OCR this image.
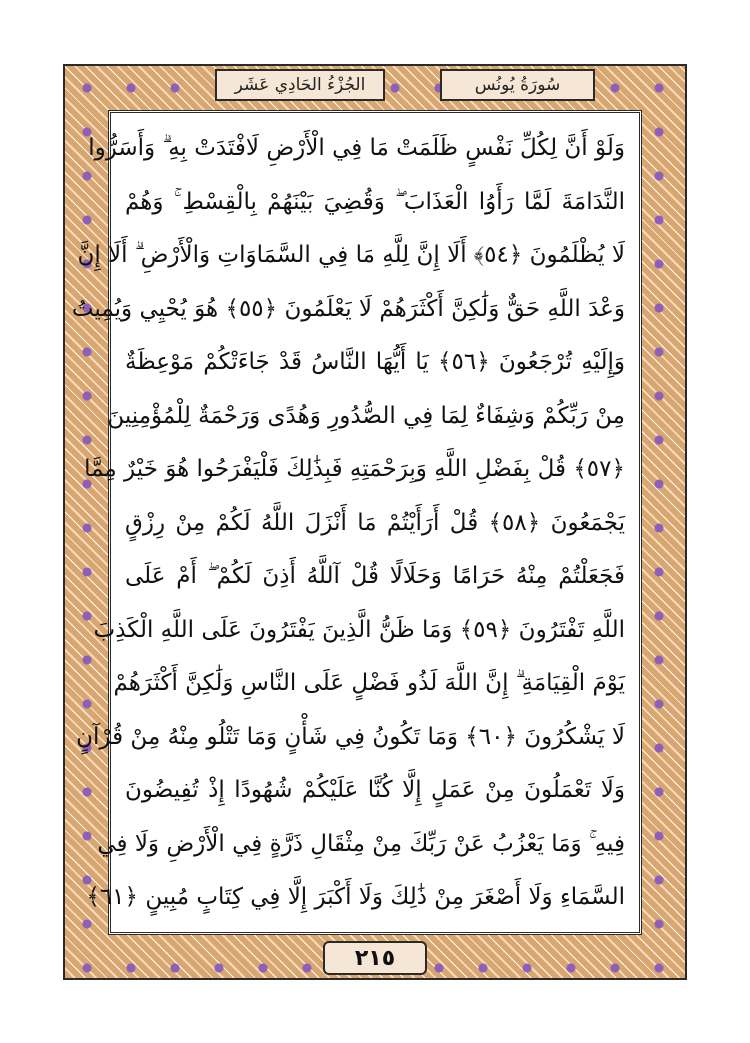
سُورَةُ يُونُس
الجُزْءُ الحَادِي عَشَر
وَلَوْ أَنَّ لِكُلِّ نَفْسٍ ظَلَمَتْ مَا فِي الْأَرْضِ لَافْتَدَتْ بِهِ ۗ وَأَسَرُّوا
النَّدَامَةَ لَمَّا رَأَوُا الْعَذَابَ ۖ وَقُضِيَ بَيْنَهُمْ بِالْقِسْطِ ۚ وَهُمْ
لَا يُظْلَمُونَ ﴿٥٤﴾ أَلَا إِنَّ لِلَّهِ مَا فِي السَّمَاوَاتِ وَالْأَرْضِ ۗ أَلَا إِنَّ
وَعْدَ اللَّهِ حَقٌّ وَلَٰكِنَّ أَكْثَرَهُمْ لَا يَعْلَمُونَ ﴿٥٥﴾ هُوَ يُحْيِي وَيُمِيتُ
وَإِلَيْهِ تُرْجَعُونَ ﴿٥٦﴾ يَا أَيُّهَا النَّاسُ قَدْ جَاءَتْكُمْ مَوْعِظَةٌ
مِنْ رَبِّكُمْ وَشِفَاءٌ لِمَا فِي الصُّدُورِ وَهُدًى وَرَحْمَةٌ لِلْمُؤْمِنِينَ
﴿٥٧﴾ قُلْ بِفَضْلِ اللَّهِ وَبِرَحْمَتِهِ فَبِذَٰلِكَ فَلْيَفْرَحُوا هُوَ خَيْرٌ مِمَّا
يَجْمَعُونَ ﴿٥٨﴾ قُلْ أَرَأَيْتُمْ مَا أَنْزَلَ اللَّهُ لَكُمْ مِنْ رِزْقٍ
فَجَعَلْتُمْ مِنْهُ حَرَامًا وَحَلَالًا قُلْ آللَّهُ أَذِنَ لَكُمْ ۖ أَمْ عَلَى
اللَّهِ تَفْتَرُونَ ﴿٥٩﴾ وَمَا ظَنُّ الَّذِينَ يَفْتَرُونَ عَلَى اللَّهِ الْكَذِبَ
يَوْمَ الْقِيَامَةِ ۗ إِنَّ اللَّهَ لَذُو فَضْلٍ عَلَى النَّاسِ وَلَٰكِنَّ أَكْثَرَهُمْ
لَا يَشْكُرُونَ ﴿٦٠﴾ وَمَا تَكُونُ فِي شَأْنٍ وَمَا تَتْلُو مِنْهُ مِنْ قُرْآنٍ
وَلَا تَعْمَلُونَ مِنْ عَمَلٍ إِلَّا كُنَّا عَلَيْكُمْ شُهُودًا إِذْ تُفِيضُونَ
فِيهِ ۚ وَمَا يَعْزُبُ عَنْ رَبِّكَ مِنْ مِثْقَالِ ذَرَّةٍ فِي الْأَرْضِ وَلَا فِي
السَّمَاءِ وَلَا أَصْغَرَ مِنْ ذَٰلِكَ وَلَا أَكْبَرَ إِلَّا فِي كِتَابٍ مُبِينٍ ﴿٦١﴾
٢١٥
